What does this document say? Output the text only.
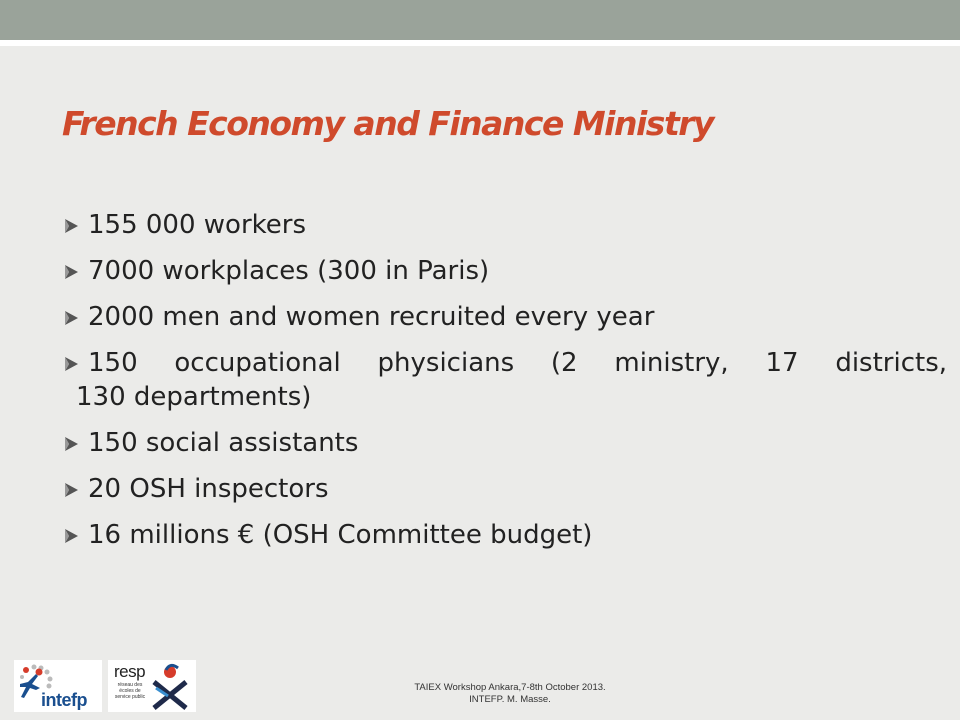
French Economy and Finance Ministry
155 000 workers
7000 workplaces (300 in Paris)
2000 men and women recruited every year
150 occupational physicians (2 ministry, 17 districts,
130 departments)
150 social assistants
20 OSH inspectors
16 millions € (OSH Committee budget)
intefp
resp
réseau des écoles de service public
TAIEX Workshop Ankara,7-8th October 2013.
INTEFP. M. Masse.
